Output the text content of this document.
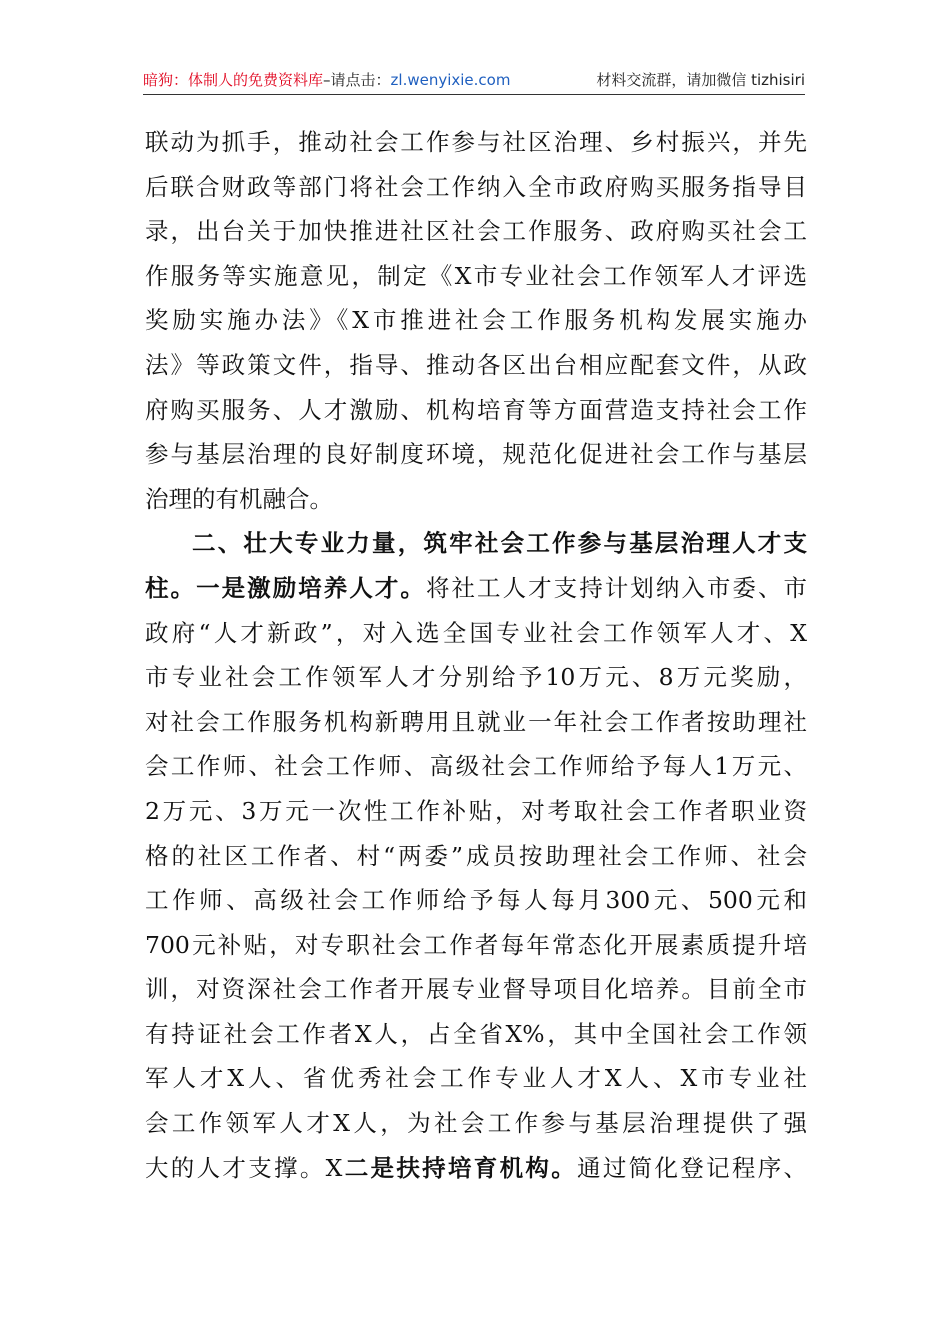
暗狗：体制人的免费资料库–请点击：zl.wenyixie.com	材料交流群，请加微信 tizhisiri
联动为抓手，推动社会工作参与社区治理、乡村振兴，并先
后联合财政等部门将社会工作纳入全市政府购买服务指导目
录，出台关于加快推进社区社会工作服务、政府购买社会工
作服务等实施意见，制定《X市专业社会工作领军人才评选
奖励实施办法》《X市推进社会工作服务机构发展实施办
法》等政策文件，指导、推动各区出台相应配套文件，从政
府购买服务、人才激励、机构培育等方面营造支持社会工作
参与基层治理的良好制度环境，规范化促进社会工作与基层
治理的有机融合。
二、壮大专业力量，筑牢社会工作参与基层治理人才支
柱。一是激励培养人才。将社工人才支持计划纳入市委、市
政府“人才新政”，对入选全国专业社会工作领军人才、X
市专业社会工作领军人才分别给予10万元、8万元奖励，
对社会工作服务机构新聘用且就业一年社会工作者按助理社
会工作师、社会工作师、高级社会工作师给予每人1万元、
2万元、3万元一次性工作补贴，对考取社会工作者职业资
格的社区工作者、村“两委”成员按助理社会工作师、社会
工作师、高级社会工作师给予每人每月300元、500元和
700元补贴，对专职社会工作者每年常态化开展素质提升培
训，对资深社会工作者开展专业督导项目化培养。目前全市
有持证社会工作者X人，占全省X%，其中全国社会工作领
军人才X人、省优秀社会工作专业人才X人、X市专业社
会工作领军人才X人，为社会工作参与基层治理提供了强
大的人才支撑。X二是扶持培育机构。通过简化登记程序、
